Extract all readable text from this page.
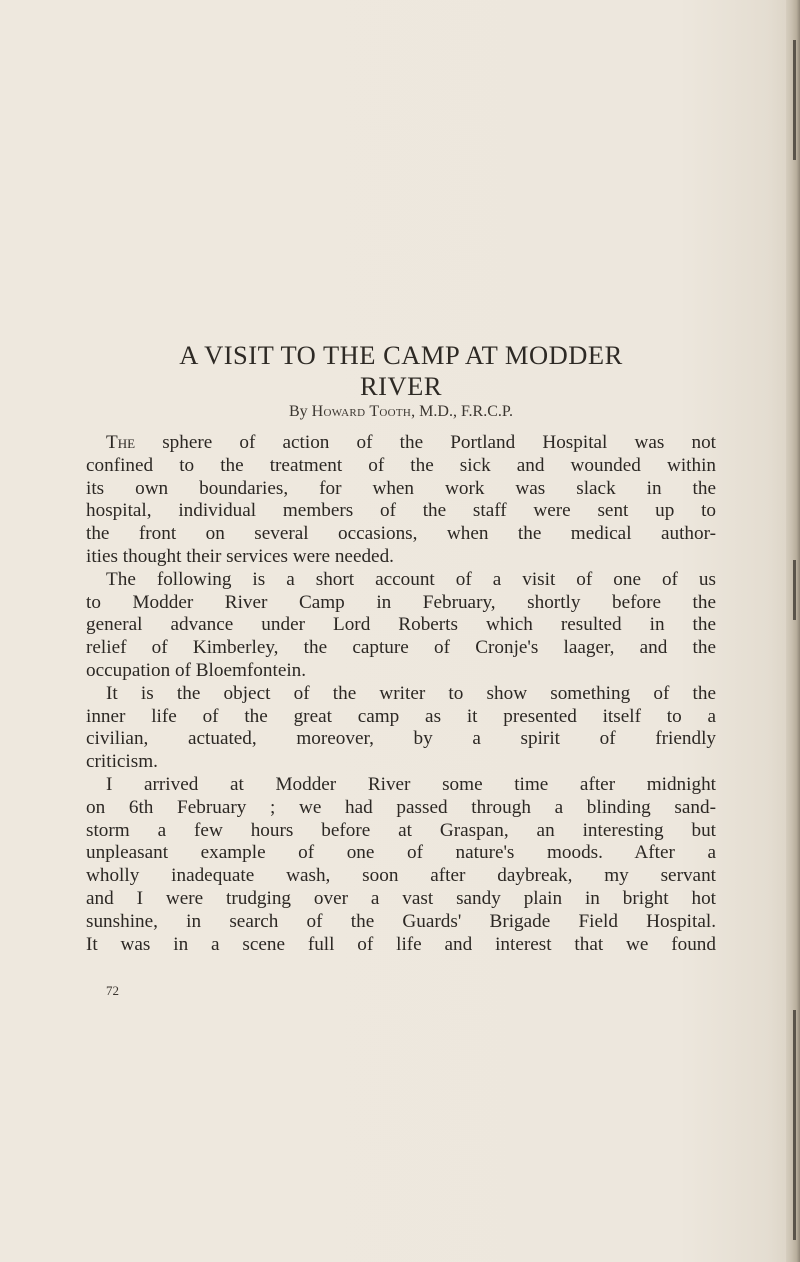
A VISIT TO THE CAMP AT MODDER
RIVER
By Howard Tooth, M.D., F.R.C.P.
The sphere of action of the Portland Hospital was not
confined to the treatment of the sick and wounded within
its own boundaries, for when work was slack in the
hospital, individual members of the staff were sent up to
the front on several occasions, when the medical author-
ities thought their services were needed.
The following is a short account of a visit of one of us
to Modder River Camp in February, shortly before the
general advance under Lord Roberts which resulted in the
relief of Kimberley, the capture of Cronje's laager, and the
occupation of Bloemfontein.
It is the object of the writer to show something of the
inner life of the great camp as it presented itself to a
civilian, actuated, moreover, by a spirit of friendly
criticism.
I arrived at Modder River some time after midnight
on 6th February ; we had passed through a blinding sand-
storm a few hours before at Graspan, an interesting but
unpleasant example of one of nature's moods. After a
wholly inadequate wash, soon after daybreak, my servant
and I were trudging over a vast sandy plain in bright hot
sunshine, in search of the Guards' Brigade Field Hospital.
It was in a scene full of life and interest that we found
72
